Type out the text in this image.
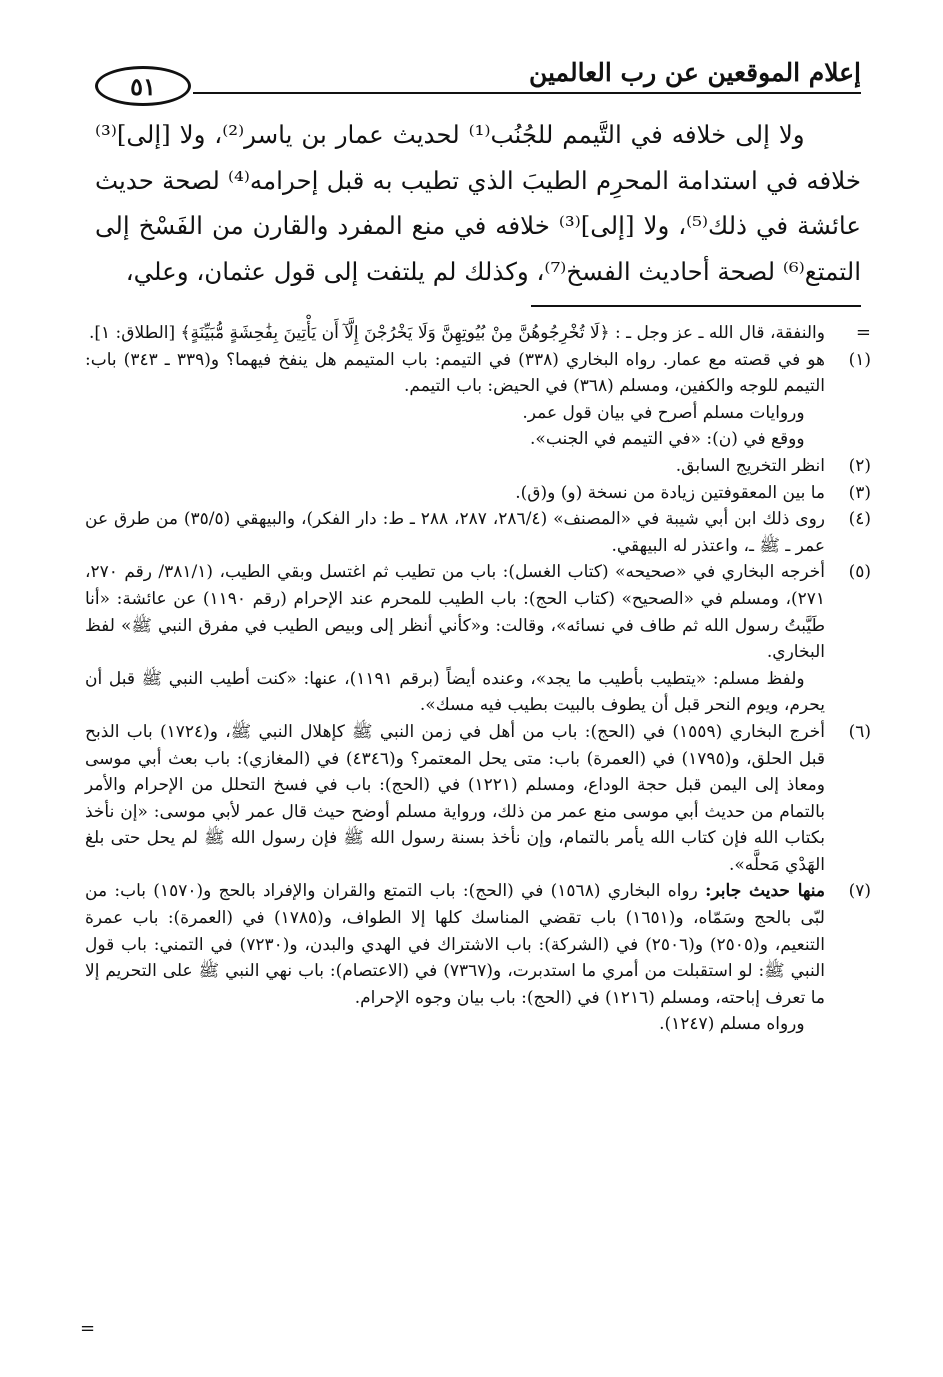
إعلام الموقعين عن رب العالمين
٥١

ولا إلى خلافه في التَّيمم للجُنُب⁽¹⁾ لحديث عمار بن ياسر⁽²⁾، ولا [إلى]⁽³⁾ خلافه في استدامة المحرِم الطيبَ الذي تطيب به قبل إحرامه⁽⁴⁾ لصحة حديث عائشة في ذلك⁽⁵⁾، ولا [إلى]⁽³⁾ خلافه في منع المفرد والقارن من الفَسْخ إلى التمتع⁽⁶⁾ لصحة أحاديث الفسخ⁽⁷⁾، وكذلك لم يلتفت إلى قول عثمان، وعلي،

=
والنفقة، قال الله ـ عز وجل ـ : ﴿لَا تُخْرِجُوهُنَّ مِنْ بُيُوتِهِنَّ وَلَا يَخْرُجْنَ إِلَّآ أَن يَأْتِينَ بِفَٰحِشَةٍ مُّبَيِّنَةٍ﴾ [الطلاق: ١].
(١)
هو في قصته مع عمار. رواه البخاري (٣٣٨) في التيمم: باب المتيمم هل ينفخ فيهما؟ و(٣٣٩ ـ ٣٤٣) باب: التيمم للوجه والكفين، ومسلم (٣٦٨) في الحيض: باب التيمم.
وروايات مسلم أصرح في بيان قول عمر.
ووقع في (ن): «في التيمم في الجنب».
(٢)
انظر التخريج السابق.
(٣)
ما بين المعقوفتين زيادة من نسخة (و) و(ق).
(٤)
روى ذلك ابن أبي شيبة في «المصنف» (٢٨٦/٤، ٢٨٧، ٢٨٨ ـ ط: دار الفكر)، والبيهقي (٣٥/٥) من طرق عن عمر ـ ﷺ ـ، واعتذر له البيهقي.
(٥)
أخرجه البخاري في «صحيحه» (كتاب الغسل): باب من تطيب ثم اغتسل وبقي الطيب، (٣٨١/١/ رقم ٢٧٠، ٢٧١)، ومسلم في «الصحيح» (كتاب الحج): باب الطيب للمحرم عند الإحرام (رقم ١١٩٠) عن عائشة: «أنا طَيَّبتُ رسول الله ثم طاف في نسائه»، وقالت: و«كأني أنظر إلى وبيص الطيب في مفرق النبي ﷺ» لفظ البخاري.
ولفظ مسلم: «يتطيب بأطيب ما يجد»، وعنده أيضاً (برقم ١١٩١)، عنها: «كنت أطيب النبي ﷺ قبل أن يحرم، ويوم النحر قبل أن يطوف بالبيت بطيب فيه مسك».
(٦)
أخرج البخاري (١٥٥٩) في (الحج): باب من أهل في زمن النبي ﷺ كإهلال النبي ﷺ، و(١٧٢٤) باب الذبح قبل الحلق، و(١٧٩٥) في (العمرة) باب: متى يحل المعتمر؟ و(٤٣٤٦) في (المغازي): باب بعث أبي موسى ومعاذ إلى اليمن قبل حجة الوداع، ومسلم (١٢٢١) في (الحج): باب في فسخ التحلل من الإحرام والأمر بالتمام من حديث أبي موسى منع عمر من ذلك، ورواية مسلم أوضح حيث قال عمر لأبي موسى: «إن نأخذ بكتاب الله فإن كتاب الله يأمر بالتمام، وإن نأخذ بسنة رسول الله ﷺ فإن رسول الله ﷺ لم يحل حتى بلغ الهَدْي مَحلَّه».
(٧)
منها حديث جابر: رواه البخاري (١٥٦٨) في (الحج): باب التمتع والقران والإفراد بالحج و(١٥٧٠) باب: من لبّى بالحج وسَمّاه، و(١٦٥١) باب تقضي المناسك كلها إلا الطواف، و(١٧٨٥) في (العمرة): باب عمرة التنعيم، و(٢٥٠٥) و(٢٥٠٦) في (الشركة): باب الاشتراك في الهدي والبدن، و(٧٢٣٠) في التمني: باب قول النبي ﷺ: لو استقبلت من أمري ما استدبرت، و(٧٣٦٧) في (الاعتصام): باب نهي النبي ﷺ على التحريم إلا ما تعرف إباحته، ومسلم (١٢١٦) في (الحج): باب بيان وجوه الإحرام.
ورواه مسلم (١٢٤٧).
=
